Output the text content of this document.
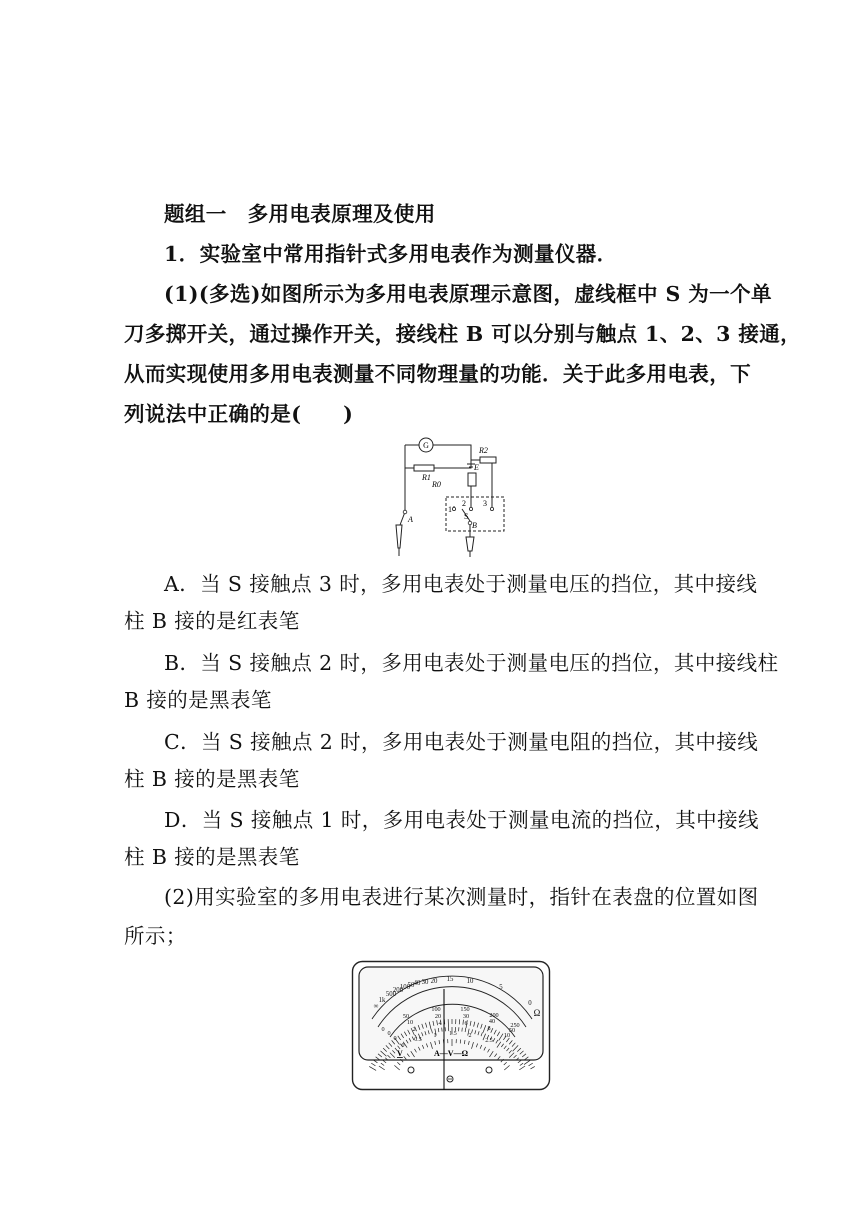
题组一　多用电表原理及使用
1．实验室中常用指针式多用电表作为测量仪器．
(1)(多选)如图所示为多用电表原理示意图，虚线框中 S 为一个单
刀多掷开关，通过操作开关，接线柱 B 可以分别与触点 1、2、3 接通，
从而实现使用多用电表测量不同物理量的功能．关于此多用电表，下
列说法中正确的是(　　)
G
R1
R2
E
R0
1
2 3
S
B
A
A．当 S 接触点 3 时，多用电表处于测量电压的挡位，其中接线
柱 B 接的是红表笔
B．当 S 接触点 2 时，多用电表处于测量电压的挡位，其中接线柱
B 接的是黑表笔
C．当 S 接触点 2 时，多用电表处于测量电阻的挡位，其中接线
柱 B 接的是黑表笔
D．当 S 接触点 1 时，多用电表处于测量电流的挡位，其中接线
柱 B 接的是黑表笔
(2)用实验室的多用电表进行某次测量时，指针在表盘的位置如图
所示；
∞
1k
500
200
100
50 40 30 20 15 10
5
0
Ω
0
50
100	150
200
250
0
10
20	30
40
50
0
2
4	6
8
10
0
0.5
1 1.5 2
2.5
V	A—V—Ω
